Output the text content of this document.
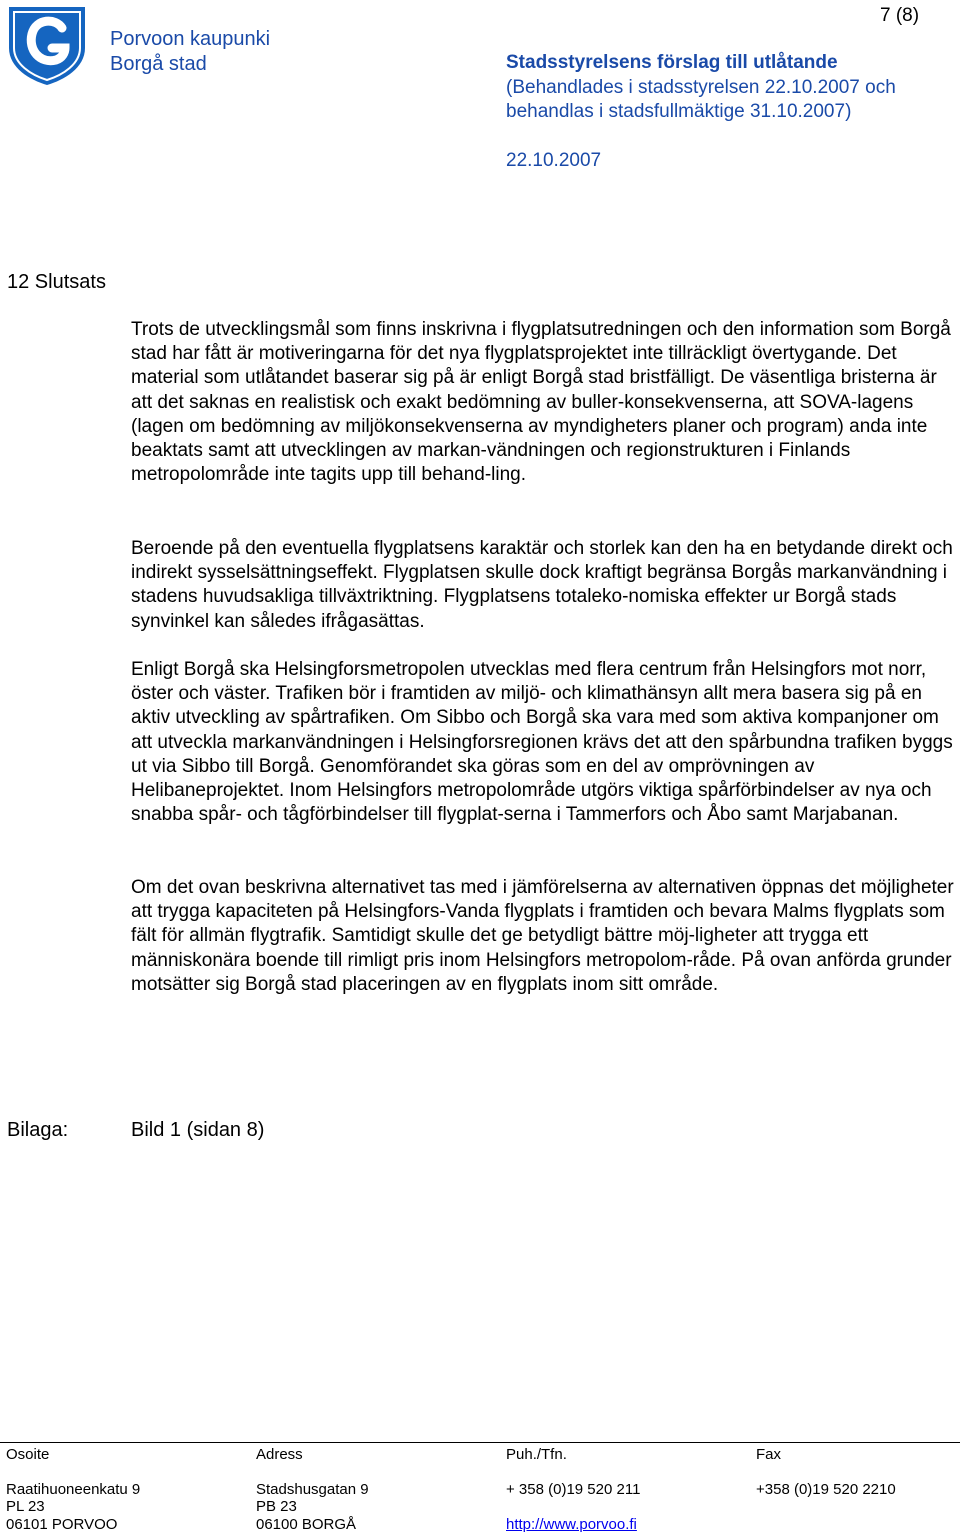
Porvoon kaupunki
Borgå stad
7 (8)
Stadsstyrelsens förslag till utlåtande
(Behandlades i stadsstyrelsen 22.10.2007 och
behandlas i stadsfullmäktige 31.10.2007)
22.10.2007
12 Slutsats

Trots de utvecklingsmål som finns inskrivna i flygplatsutredningen och den information som Borgå stad har fått är motiveringarna för det nya flygplatsprojektet inte tillräckligt övertygande. Det material som utlåtandet baserar sig på är enligt Borgå stad bristfälligt. De väsentliga bristerna är att det saknas en realistisk och exakt bedömning av buller-konsekvenserna, att SOVA-lagens (lagen om bedömning av miljökonsekvenserna av myndigheters planer och program) anda inte beaktats samt att utvecklingen av markan-vändningen och regionstrukturen i Finlands metropolområde inte tagits upp till behand-ling.

Beroende på den eventuella flygplatsens karaktär och storlek kan den ha en betydande direkt och indirekt sysselsättningseffekt. Flygplatsen skulle dock kraftigt begränsa Borgås markanvändning i stadens huvudsakliga tillväxtriktning. Flygplatsens totaleko-nomiska effekter ur Borgå stads synvinkel kan således ifrågasättas.

Enligt Borgå ska Helsingforsmetropolen utvecklas med flera centrum från Helsingfors mot norr, öster och väster. Trafiken bör i framtiden av miljö- och klimathänsyn allt mera basera sig på en aktiv utveckling av spårtrafiken. Om Sibbo och Borgå ska vara med som aktiva kompanjoner om att utveckla markanvändningen i Helsingforsregionen krävs det att den spårbundna trafiken byggs ut via Sibbo till Borgå. Genomförandet ska göras som en del av omprövningen av Helibaneprojektet. Inom Helsingfors metropolområde utgörs viktiga spårförbindelser av nya och snabba spår- och tågförbindelser till flygplat-serna i Tammerfors och Åbo samt Marjabanan.

Om det ovan beskrivna alternativet tas med i jämförelserna av alternativen öppnas det möjligheter att trygga kapaciteten på Helsingfors-Vanda flygplats i framtiden och bevara Malms flygplats som fält för allmän flygtrafik. Samtidigt skulle det ge betydligt bättre möj-ligheter att trygga ett människonära boende till rimligt pris inom Helsingfors metropolom-råde. På ovan anförda grunder motsätter sig Borgå stad placeringen av en flygplats inom sitt område.

Bilaga:	Bild 1 (sidan 8)

Osoite

Raatihuoneenkatu 9

PL 23

06101 PORVOO

Adress

Stadshusgatan 9

PB 23

06100 BORGÅ

Puh./Tfn.

+ 358 (0)19 520 211

http://www.porvoo.fi

Fax

+358 (0)19 520 2210
